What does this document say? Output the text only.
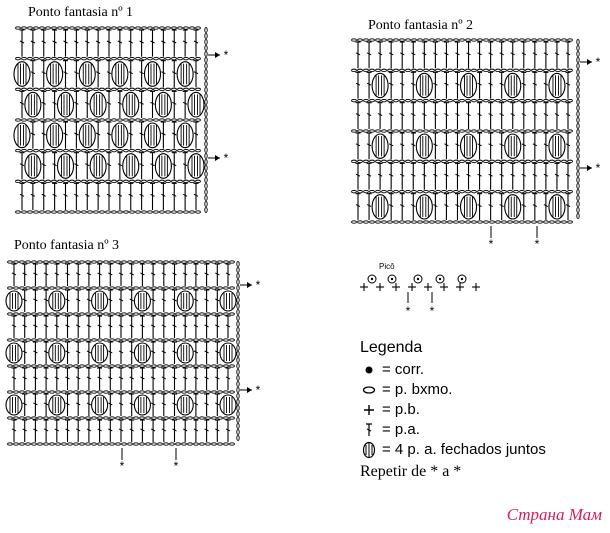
Ponto fantasia nº 1
Ponto fantasia nº 2
Ponto fantasia nº 3
*
*
*
*
*	*
*
*
*	*
* *
Picô
Legenda
= corr.
= p. bxmo.
= p.b.
= p.a.
= 4 p. a. fechados juntos
Repetir de * a *
Страна Мам
